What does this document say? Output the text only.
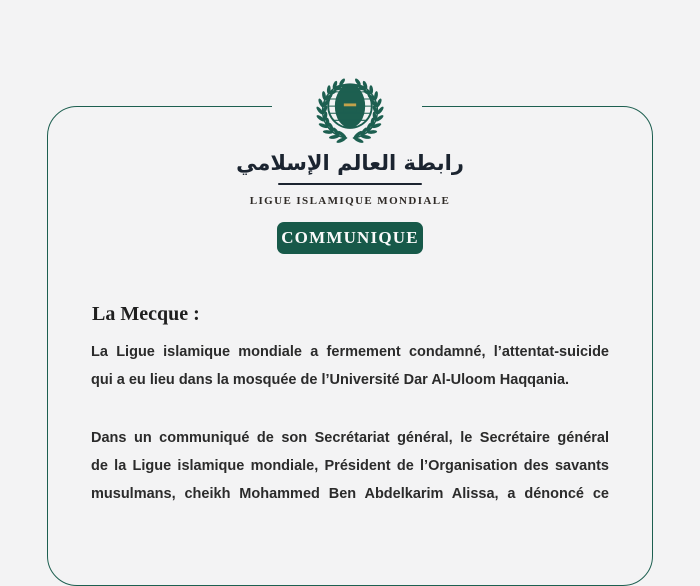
رابطة العالم الإسلامي
LIGUE ISLAMIQUE MONDIALE
COMMUNIQUE
La Mecque :
La Ligue islamique mondiale a fermement condamné, l’attentat-suicide
qui a eu lieu dans la mosquée de l’Université Dar Al-Uloom Haqqania.
Dans un communiqué de son Secrétariat général, le Secrétaire général
de la Ligue islamique mondiale, Président de l’Organisation des savants
musulmans, cheikh Mohammed Ben Abdelkarim Alissa, a dénoncé ce
